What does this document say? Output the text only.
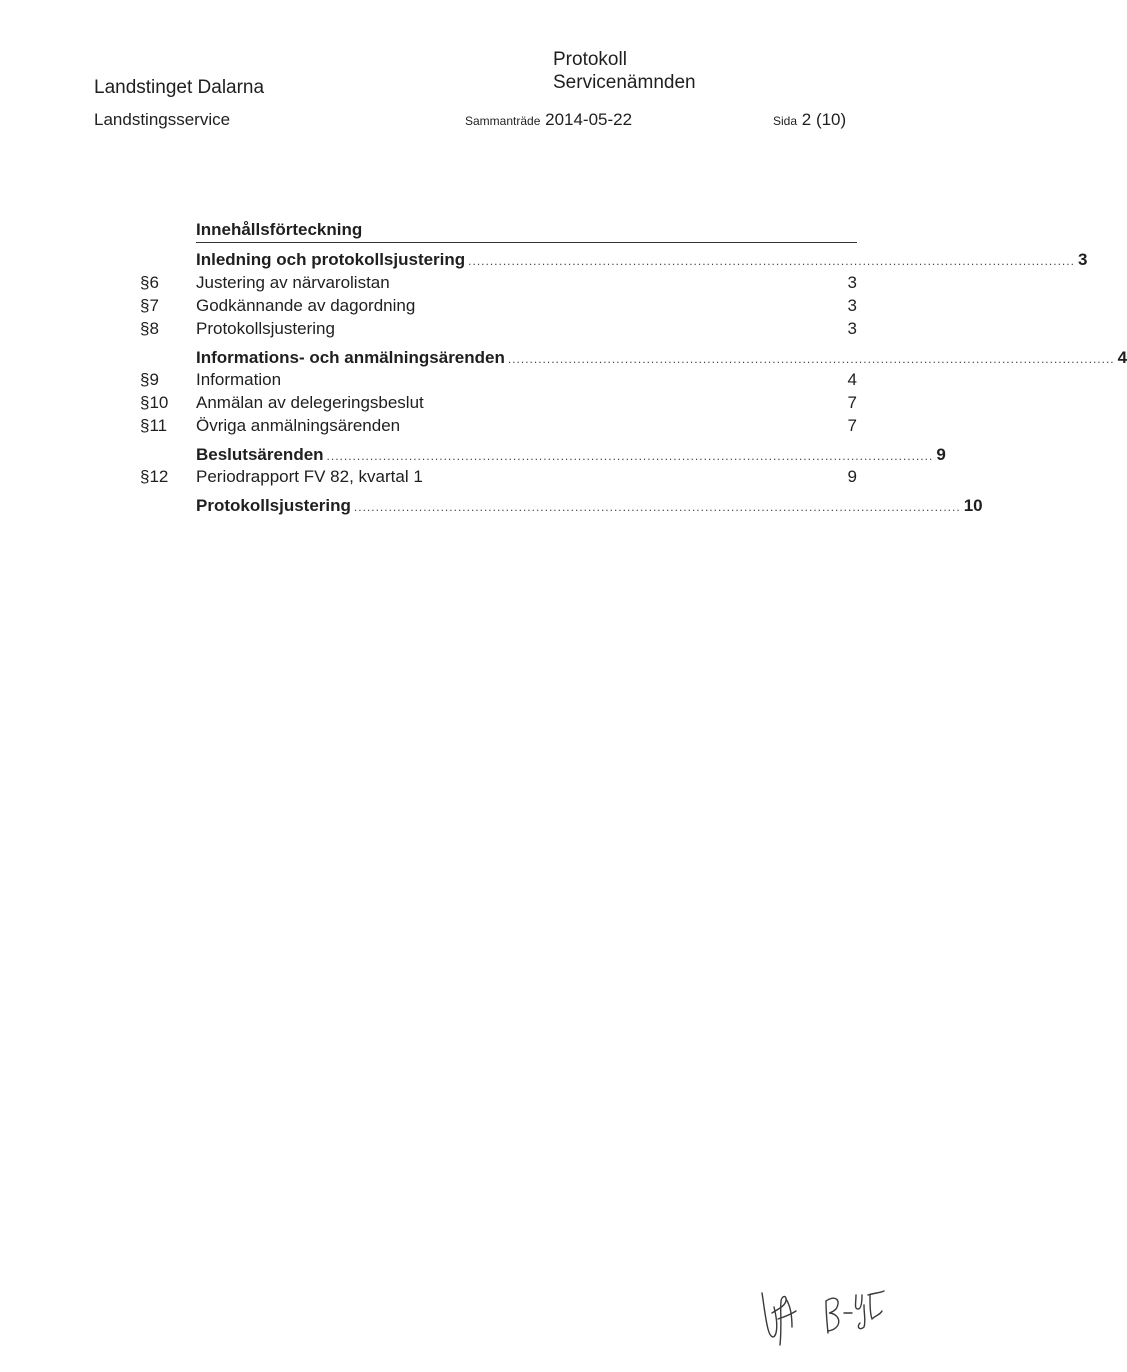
Landstinget Dalarna
Landstingsservice
Protokoll
Servicenämnden
Sammanträde 2014-05-22	Sida 2 (10)
Innehållsförteckning
Inledning och protokollsjustering ............................................................................................................................................ 3
§6 Justering av närvarolistan	3
§7 Godkännande av dagordning	3
§8 Protokollsjustering	3
Informations- och anmälningsärenden ............................................................................................................................................ 4
§9 Information	4
§10 Anmälan av delegeringsbeslut	7
§11 Övriga anmälningsärenden	7
Beslutsärenden ............................................................................................................................................ 9
§12 Periodrapport FV 82, kvartal 1	9
Protokollsjustering ............................................................................................................................................ 10
